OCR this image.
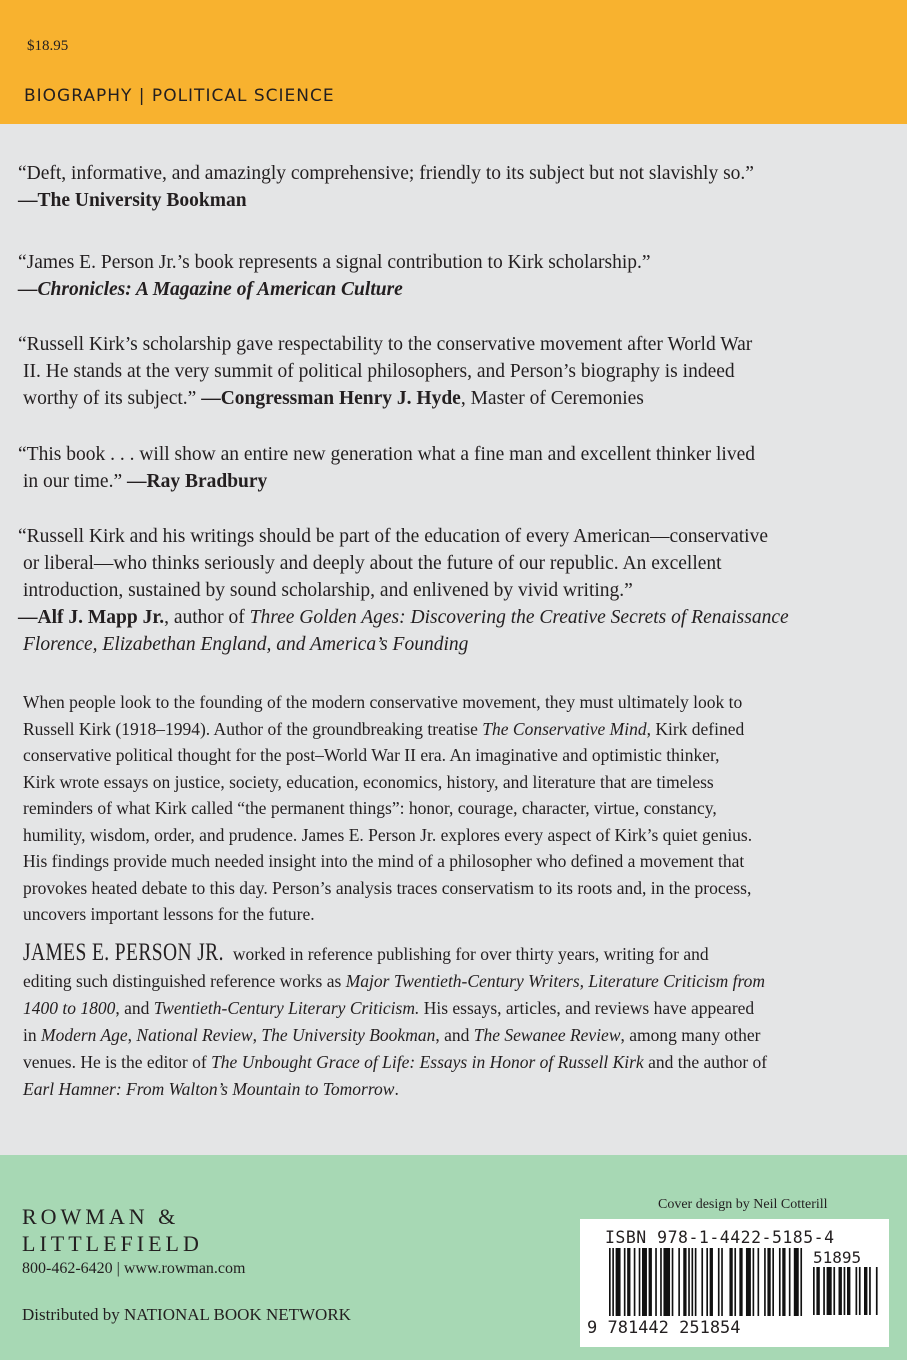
$18.95
BIOGRAPHY | POLITICAL SCIENCE
“Deft, informative, and amazingly comprehensive; friendly to its subject but not slavishly so.”
—The University Bookman
“James E. Person Jr.’s book represents a signal contribution to Kirk scholarship.”
—Chronicles: A Magazine of American Culture
“Russell Kirk’s scholarship gave respectability to the conservative movement after World War
II. He stands at the very summit of political philosophers, and Person’s biography is indeed
worthy of its subject.” —Congressman Henry J. Hyde, Master of Ceremonies
“This book . . . will show an entire new generation what a fine man and excellent thinker lived
in our time.” —Ray Bradbury
“Russell Kirk and his writings should be part of the education of every American—conservative
or liberal—who thinks seriously and deeply about the future of our republic. An excellent
introduction, sustained by sound scholarship, and enlivened by vivid writing.”
—Alf J. Mapp Jr., author of Three Golden Ages: Discovering the Creative Secrets of Renaissance
Florence, Elizabethan England, and America’s Founding
When people look to the founding of the modern conservative movement, they must ultimately look to
Russell Kirk (1918–1994). Author of the groundbreaking treatise The Conservative Mind, Kirk defined
conservative political thought for the post–World War II era. An imaginative and optimistic thinker,
Kirk wrote essays on justice, society, education, economics, history, and literature that are timeless
reminders of what Kirk called “the permanent things”: honor, courage, character, virtue, constancy,
humility, wisdom, order, and prudence. James E. Person Jr. explores every aspect of Kirk’s quiet genius.
His findings provide much needed insight into the mind of a philosopher who defined a movement that
provokes heated debate to this day. Person’s analysis traces conservatism to its roots and, in the process,
uncovers important lessons for the future.
JAMES E. PERSON JR. worked in reference publishing for over thirty years, writing for and
editing such distinguished reference works as Major Twentieth-Century Writers, Literature Criticism from
1400 to 1800, and Twentieth-Century Literary Criticism. His essays, articles, and reviews have appeared
in Modern Age, National Review, The University Bookman, and The Sewanee Review, among many other
venues. He is the editor of The Unbought Grace of Life: Essays in Honor of Russell Kirk and the author of
Earl Hamner: From Walton’s Mountain to Tomorrow.
ROWMAN &
LITTLEFIELD
800-462-6420 | www.rowman.com
Distributed by NATIONAL BOOK NETWORK
Cover design by Neil Cotterill
ISBN 978-1-4422-5185-4
51895
9 781442 251854
